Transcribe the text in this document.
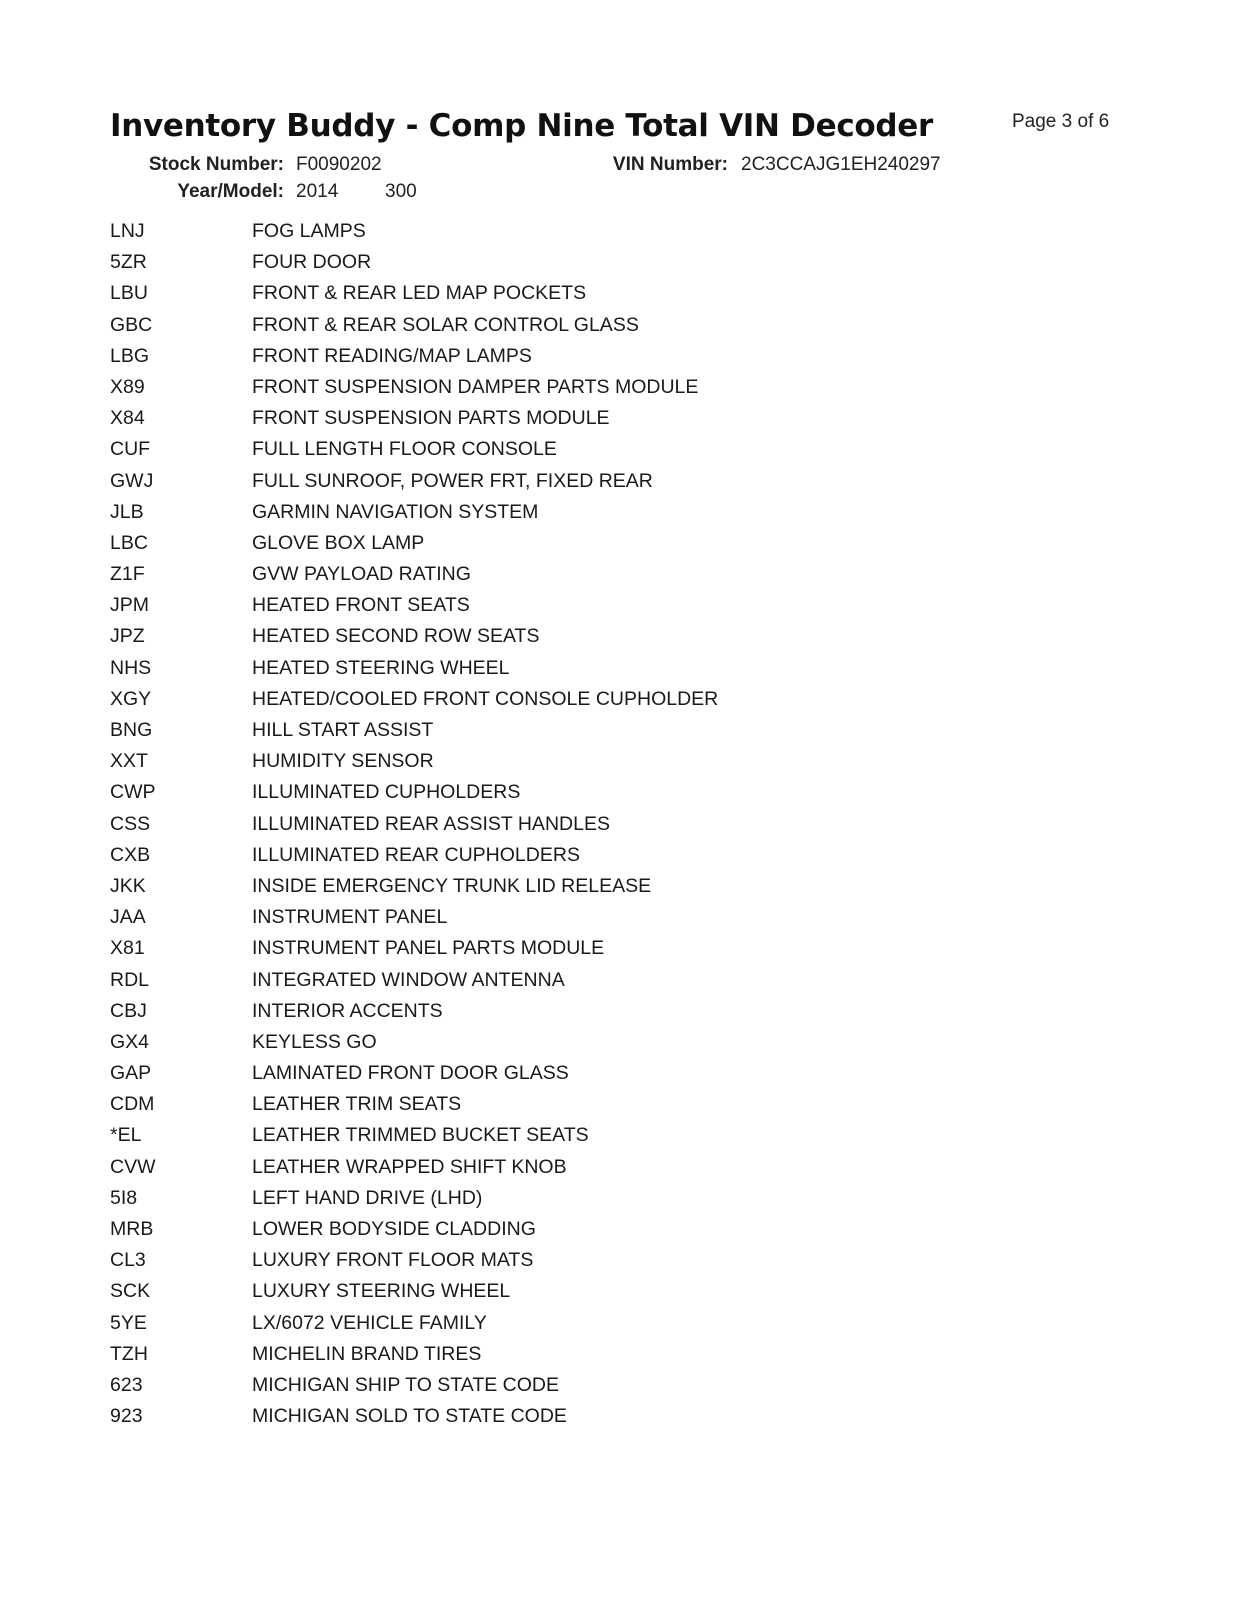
Inventory Buddy - Comp Nine Total VIN Decoder	Page 3 of 6
Stock Number: F0090202	VIN Number: 2C3CCAJG1EH240297
Year/Model: 2014 300
LNJ	FOG LAMPS
5ZR	FOUR DOOR
LBU	FRONT & REAR LED MAP POCKETS
GBC	FRONT & REAR SOLAR CONTROL GLASS
LBG	FRONT READING/MAP LAMPS
X89	FRONT SUSPENSION DAMPER PARTS MODULE
X84	FRONT SUSPENSION PARTS MODULE
CUF	FULL LENGTH FLOOR CONSOLE
GWJ	FULL SUNROOF, POWER FRT, FIXED REAR
JLB	GARMIN NAVIGATION SYSTEM
LBC	GLOVE BOX LAMP
Z1F	GVW PAYLOAD RATING
JPM	HEATED FRONT SEATS
JPZ	HEATED SECOND ROW SEATS
NHS	HEATED STEERING WHEEL
XGY	HEATED/COOLED FRONT CONSOLE CUPHOLDER
BNG	HILL START ASSIST
XXT	HUMIDITY SENSOR
CWP	ILLUMINATED CUPHOLDERS
CSS	ILLUMINATED REAR ASSIST HANDLES
CXB	ILLUMINATED REAR CUPHOLDERS
JKK	INSIDE EMERGENCY TRUNK LID RELEASE
JAA	INSTRUMENT PANEL
X81	INSTRUMENT PANEL PARTS MODULE
RDL	INTEGRATED WINDOW ANTENNA
CBJ	INTERIOR ACCENTS
GX4	KEYLESS GO
GAP	LAMINATED FRONT DOOR GLASS
CDM	LEATHER TRIM SEATS
*EL	LEATHER TRIMMED BUCKET SEATS
CVW	LEATHER WRAPPED SHIFT KNOB
5I8	LEFT HAND DRIVE (LHD)
MRB	LOWER BODYSIDE CLADDING
CL3	LUXURY FRONT FLOOR MATS
SCK	LUXURY STEERING WHEEL
5YE	LX/6072 VEHICLE FAMILY
TZH	MICHELIN BRAND TIRES
623	MICHIGAN SHIP TO STATE CODE
923	MICHIGAN SOLD TO STATE CODE
